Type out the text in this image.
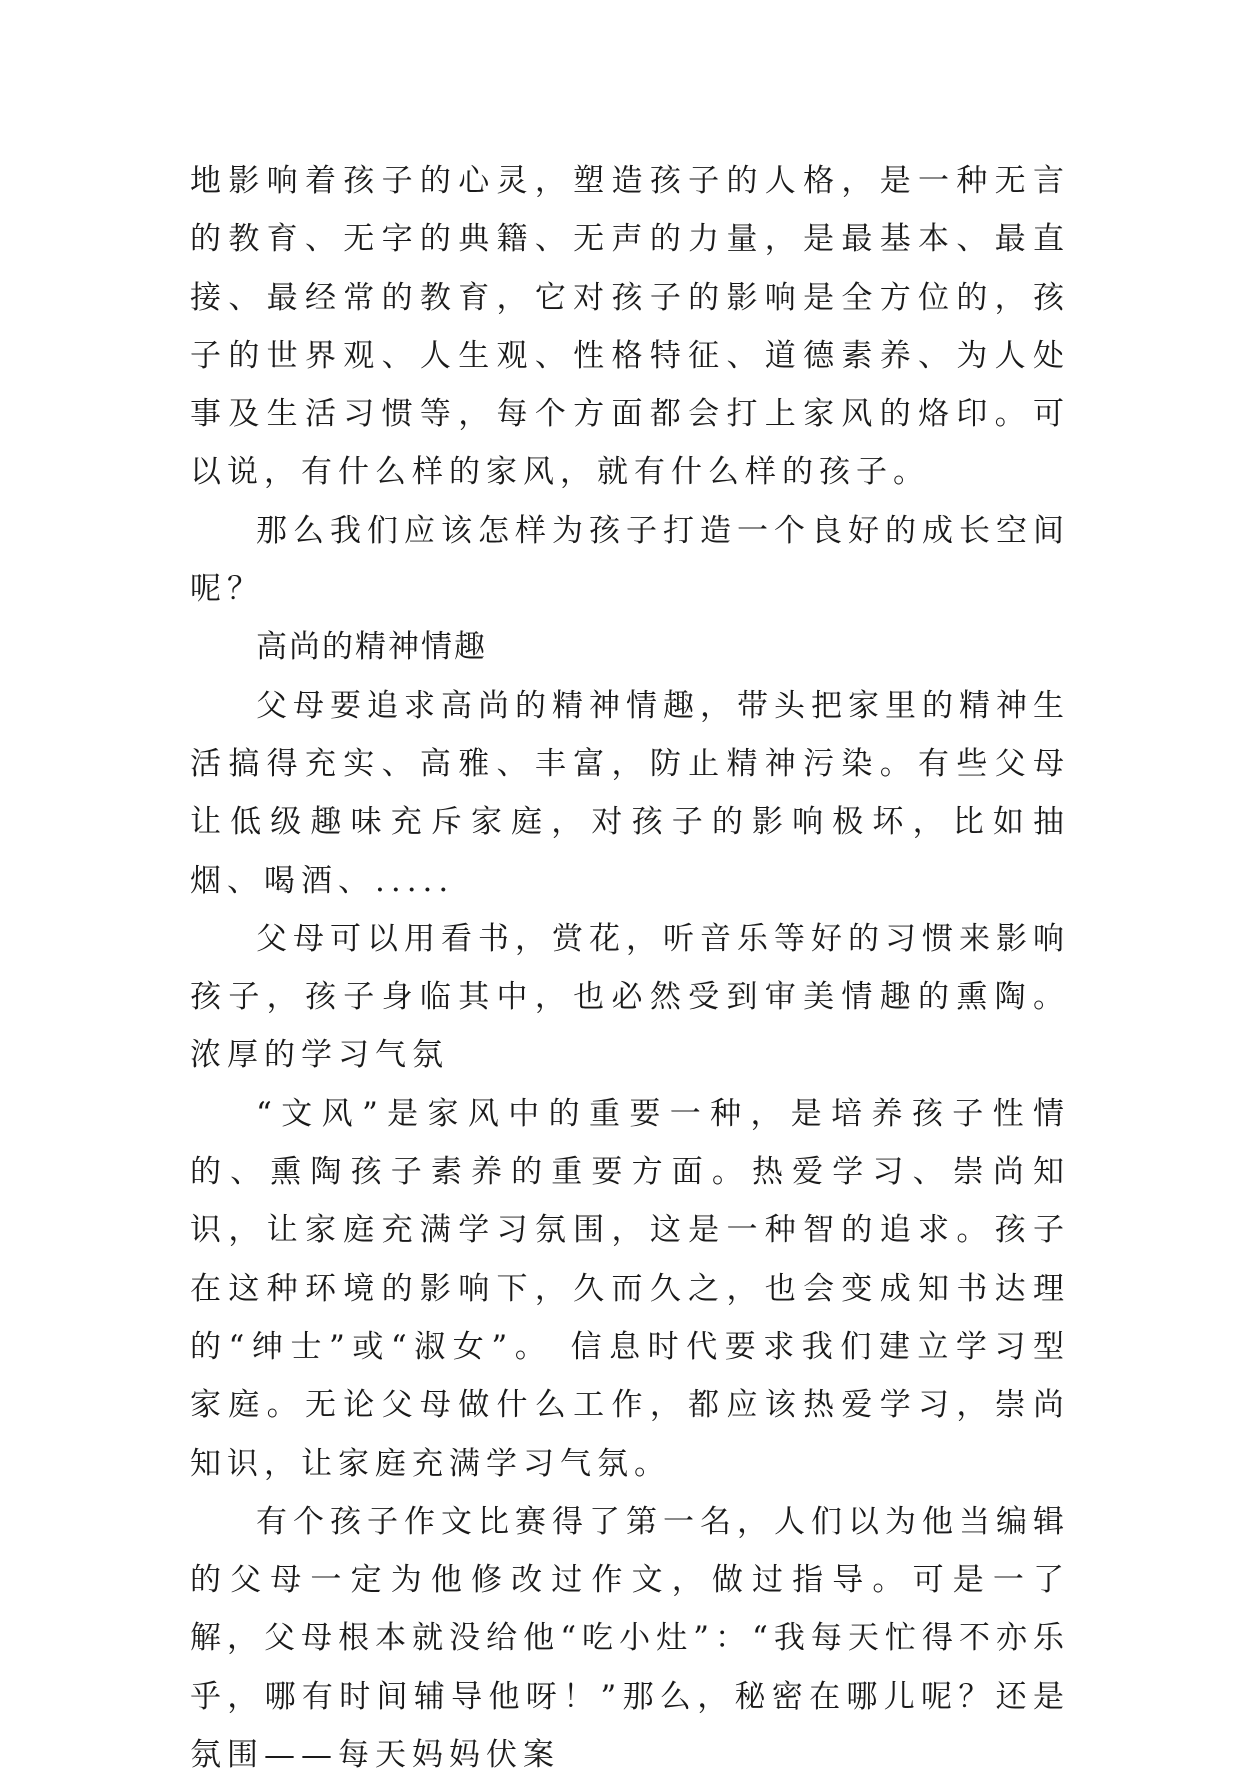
地影响着孩子的心灵，塑造孩子的人格，是一种无言的教育、无字的典籍、无声的力量，是最基本、最直接、最经常的教育，它对孩子的影响是全方位的，孩子的世界观、人生观、性格特征、道德素养、为人处事及生活习惯等，每个方面都会打上家风的烙印。可以说，有什么样的家风，就有什么样的孩子。

那么我们应该怎样为孩子打造一个良好的成长空间呢？

高尚的精神情趣

父母要追求高尚的精神情趣，带头把家里的精神生活搞得充实、高雅、丰富，防止精神污染。有些父母让低级趣味充斥家庭，对孩子的影响极坏，比如抽烟、喝酒、.....

父母可以用看书，赏花，听音乐等好的习惯来影响孩子，孩子身临其中，也必然受到审美情趣的熏陶。 浓厚的学习气氛

“文风”是家风中的重要一种，是培养孩子性情的、熏陶孩子素养的重要方面。热爱学习、崇尚知识，让家庭充满学习氛围，这是一种智的追求。孩子在这种环境的影响下，久而久之，也会变成知书达理的“绅士”或“淑女”。 信息时代要求我们建立学习型家庭。无论父母做什么工作，都应该热爱学习，崇尚知识，让家庭充满学习气氛。

有个孩子作文比赛得了第一名，人们以为他当编辑的父母一定为他修改过作文，做过指导。可是一了解，父母根本就没给他“吃小灶”：“我每天忙得不亦乐乎，哪有时间辅导他呀！”那么，秘密在哪儿呢？还是氛围——每天妈妈伏案
